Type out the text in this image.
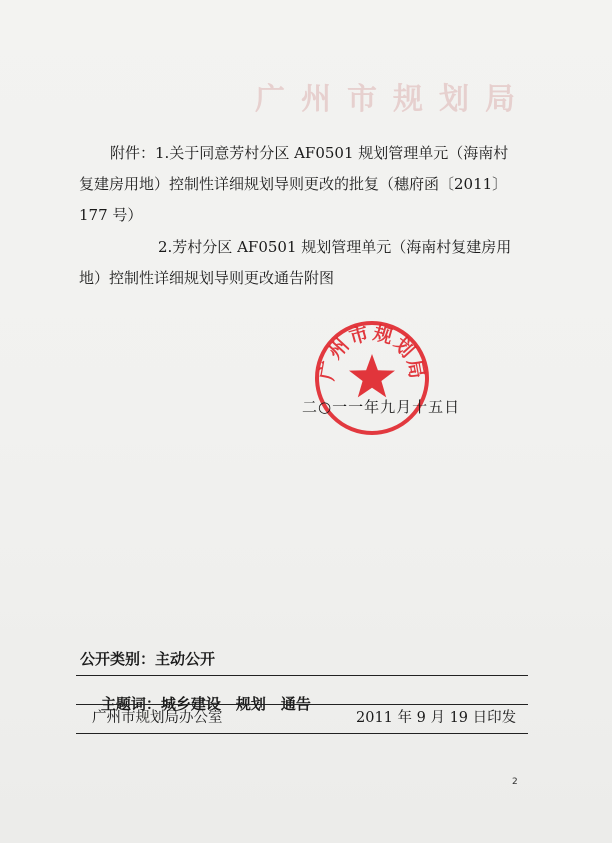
广州市规划局
附件：1.关于同意芳村分区 AF0501 规划管理单元（海南村
复建房用地）控制性详细规划导则更改的批复（穗府函〔2011〕
177 号）
2.芳村分区 AF0501 规划管理单元（海南村复建房用
地）控制性详细规划导则更改通告附图
广州市规划局
二○一一年九月十五日
公开类别：主动公开

主题词：城乡建设　规划　通告

广州市规划局办公室	2011 年 9 月 19 日印发
2
